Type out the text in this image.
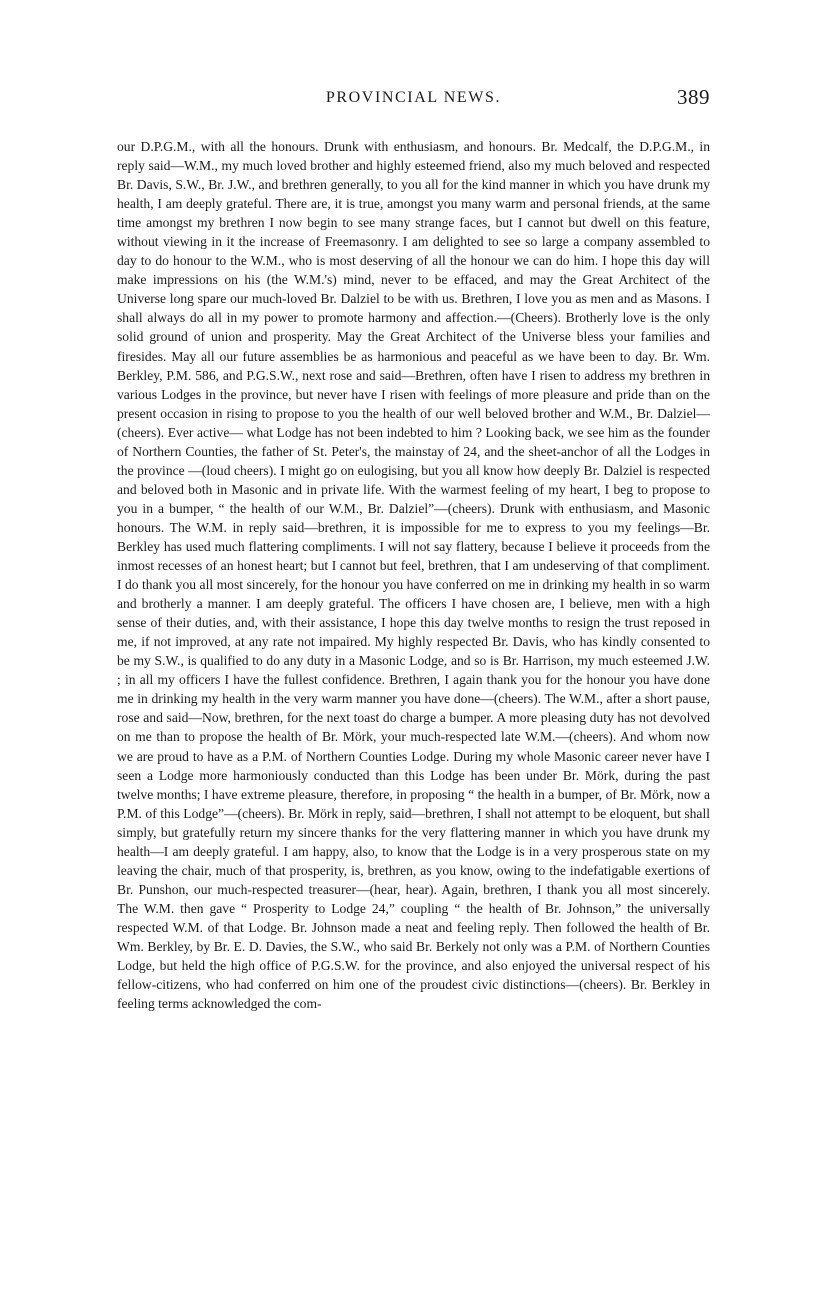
PROVINCIAL NEWS.	389

our D.P.G.M., with all the honours. Drunk with enthusiasm, and honours. Br. Medcalf, the D.P.G.M., in reply said—W.M., my much loved brother and highly esteemed friend, also my much beloved and respected Br. Davis, S.W., Br. J.W., and brethren generally, to you all for the kind manner in which you have drunk my health, I am deeply grateful. There are, it is true, amongst you many warm and personal friends, at the same time amongst my brethren I now begin to see many strange faces, but I cannot but dwell on this feature, without viewing in it the increase of Freemasonry. I am delighted to see so large a company assembled to day to do honour to the W.M., who is most deserving of all the honour we can do him. I hope this day will make impressions on his (the W.M.'s) mind, never to be effaced, and may the Great Architect of the Universe long spare our much-loved Br. Dalziel to be with us. Brethren, I love you as men and as Masons. I shall always do all in my power to promote harmony and affection.—(Cheers). Brotherly love is the only solid ground of union and prosperity. May the Great Architect of the Universe bless your families and firesides. May all our future assemblies be as harmonious and peaceful as we have been to day. Br. Wm. Berkley, P.M. 586, and P.G.S.W., next rose and said—Brethren, often have I risen to address my brethren in various Lodges in the province, but never have I risen with feelings of more pleasure and pride than on the present occasion in rising to propose to you the health of our well beloved brother and W.M., Br. Dalziel—(cheers). Ever active— what Lodge has not been indebted to him ? Looking back, we see him as the founder of Northern Counties, the father of St. Peter's, the mainstay of 24, and the sheet-anchor of all the Lodges in the province —(loud cheers). I might go on eulogising, but you all know how deeply Br. Dalziel is respected and beloved both in Masonic and in private life. With the warmest feeling of my heart, I beg to propose to you in a bumper, “ the health of our W.M., Br. Dalziel”—(cheers). Drunk with enthusiasm, and Masonic honours. The W.M. in reply said—brethren, it is impossible for me to express to you my feelings—Br. Berkley has used much flattering compliments. I will not say flattery, because I believe it proceeds from the inmost recesses of an honest heart; but I cannot but feel, brethren, that I am undeserving of that compliment. I do thank you all most sincerely, for the honour you have conferred on me in drinking my health in so warm and brotherly a manner. I am deeply grateful. The officers I have chosen are, I believe, men with a high sense of their duties, and, with their assistance, I hope this day twelve months to resign the trust reposed in me, if not improved, at any rate not impaired. My highly respected Br. Davis, who has kindly consented to be my S.W., is qualified to do any duty in a Masonic Lodge, and so is Br. Harrison, my much esteemed J.W. ; in all my officers I have the fullest confidence. Brethren, I again thank you for the honour you have done me in drinking my health in the very warm manner you have done—(cheers). The W.M., after a short pause, rose and said—Now, brethren, for the next toast do charge a bumper. A more pleasing duty has not devolved on me than to propose the health of Br. Mörk, your much-respected late W.M.—(cheers). And whom now we are proud to have as a P.M. of Northern Counties Lodge. During my whole Masonic career never have I seen a Lodge more harmoniously conducted than this Lodge has been under Br. Mörk, during the past twelve months; I have extreme pleasure, therefore, in proposing “ the health in a bumper, of Br. Mörk, now a P.M. of this Lodge”—(cheers). Br. Mörk in reply, said—brethren, I shall not attempt to be eloquent, but shall simply, but gratefully return my sincere thanks for the very flattering manner in which you have drunk my health—I am deeply grateful. I am happy, also, to know that the Lodge is in a very prosperous state on my leaving the chair, much of that prosperity, is, brethren, as you know, owing to the indefatigable exertions of Br. Punshon, our much-respected treasurer—(hear, hear). Again, brethren, I thank you all most sincerely. The W.M. then gave “ Prosperity to Lodge 24,” coupling “ the health of Br. Johnson,” the universally respected W.M. of that Lodge. Br. Johnson made a neat and feeling reply. Then followed the health of Br. Wm. Berkley, by Br. E. D. Davies, the S.W., who said Br. Berkely not only was a P.M. of Northern Counties Lodge, but held the high office of P.G.S.W. for the province, and also enjoyed the universal respect of his fellow-citizens, who had conferred on him one of the proudest civic distinctions—(cheers). Br. Berkley in feeling terms acknowledged the com-
